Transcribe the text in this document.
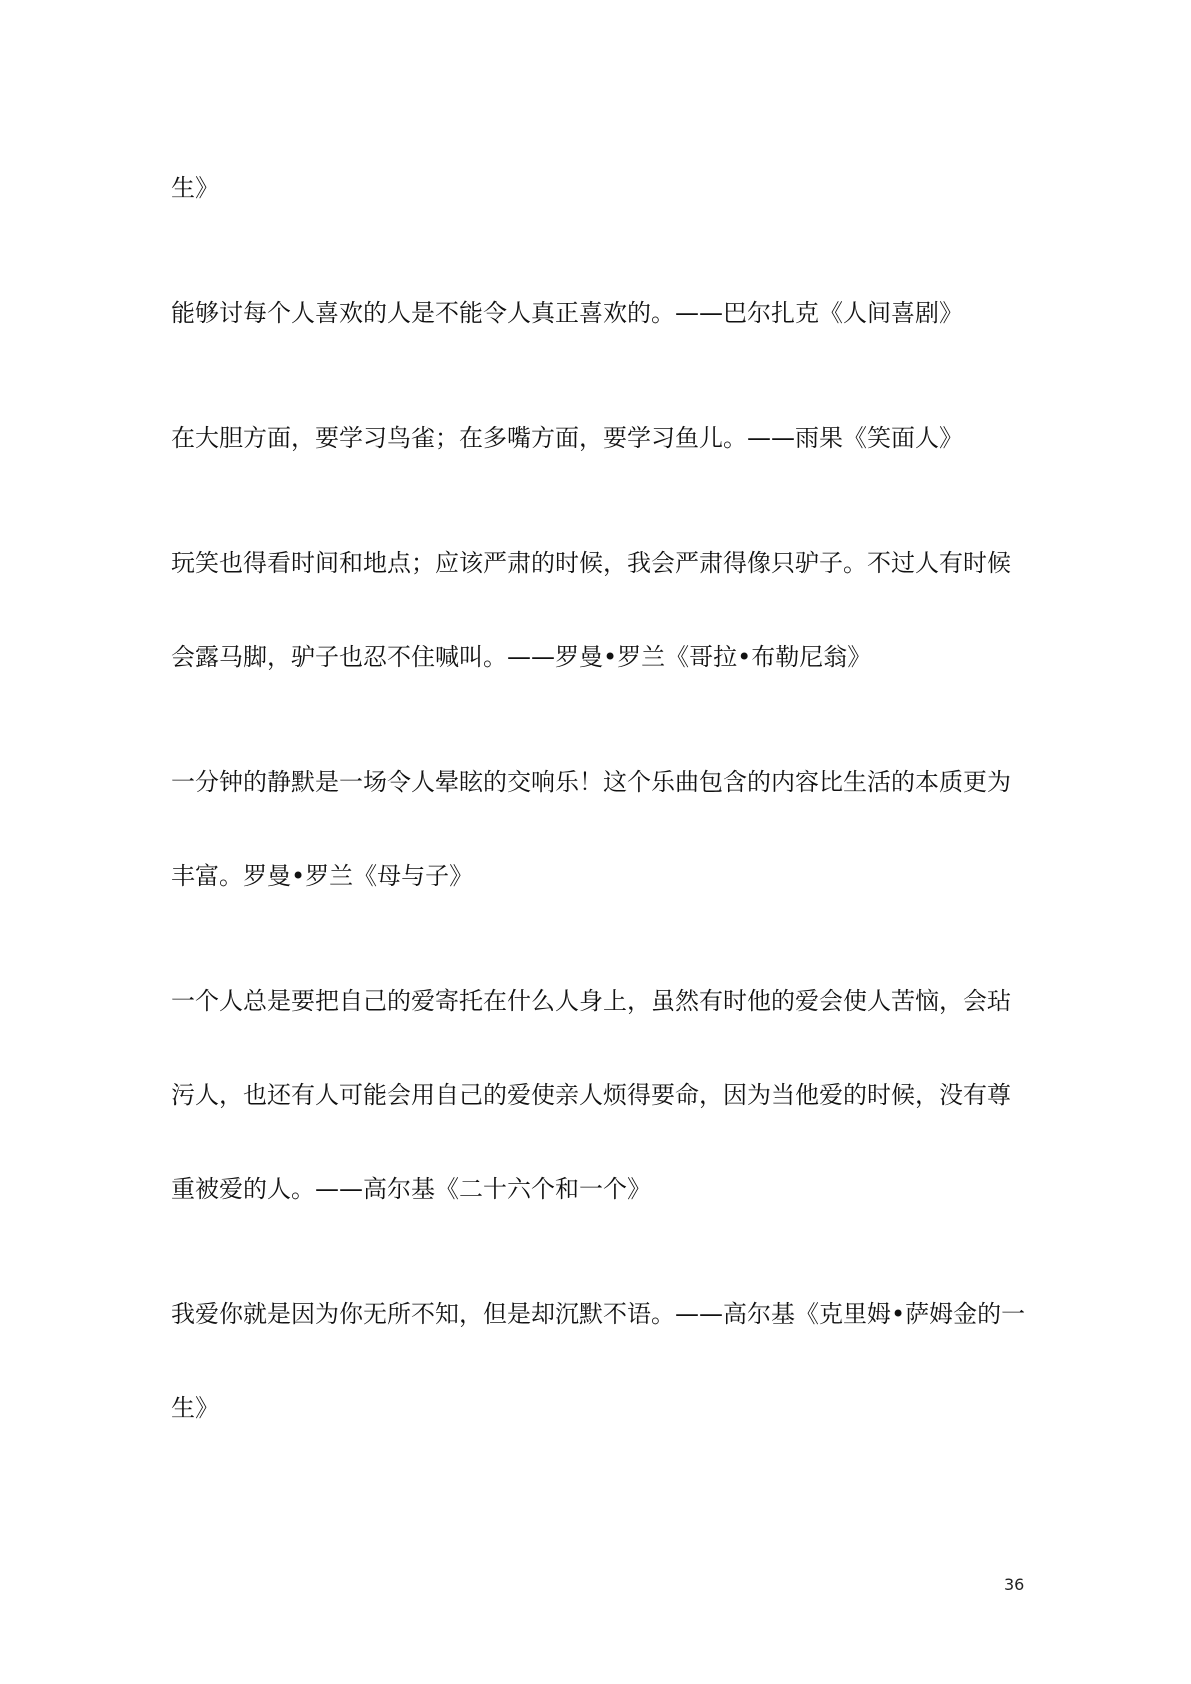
生》
能够讨每个人喜欢的人是不能令人真正喜欢的。——巴尔扎克《人间喜剧》
在大胆方面，要学习鸟雀；在多嘴方面，要学习鱼儿。——雨果《笑面人》
玩笑也得看时间和地点；应该严肃的时候，我会严肃得像只驴子。不过人有时候
会露马脚，驴子也忍不住喊叫。——罗曼•罗兰《哥拉•布勒尼翁》
一分钟的静默是一场令人晕眩的交响乐！这个乐曲包含的内容比生活的本质更为
丰富。罗曼•罗兰《母与子》
一个人总是要把自己的爱寄托在什么人身上，虽然有时他的爱会使人苦恼，会玷
污人，也还有人可能会用自己的爱使亲人烦得要命，因为当他爱的时候，没有尊
重被爱的人。——高尔基《二十六个和一个》
我爱你就是因为你无所不知，但是却沉默不语。——高尔基《克里姆•萨姆金的一
生》
36
